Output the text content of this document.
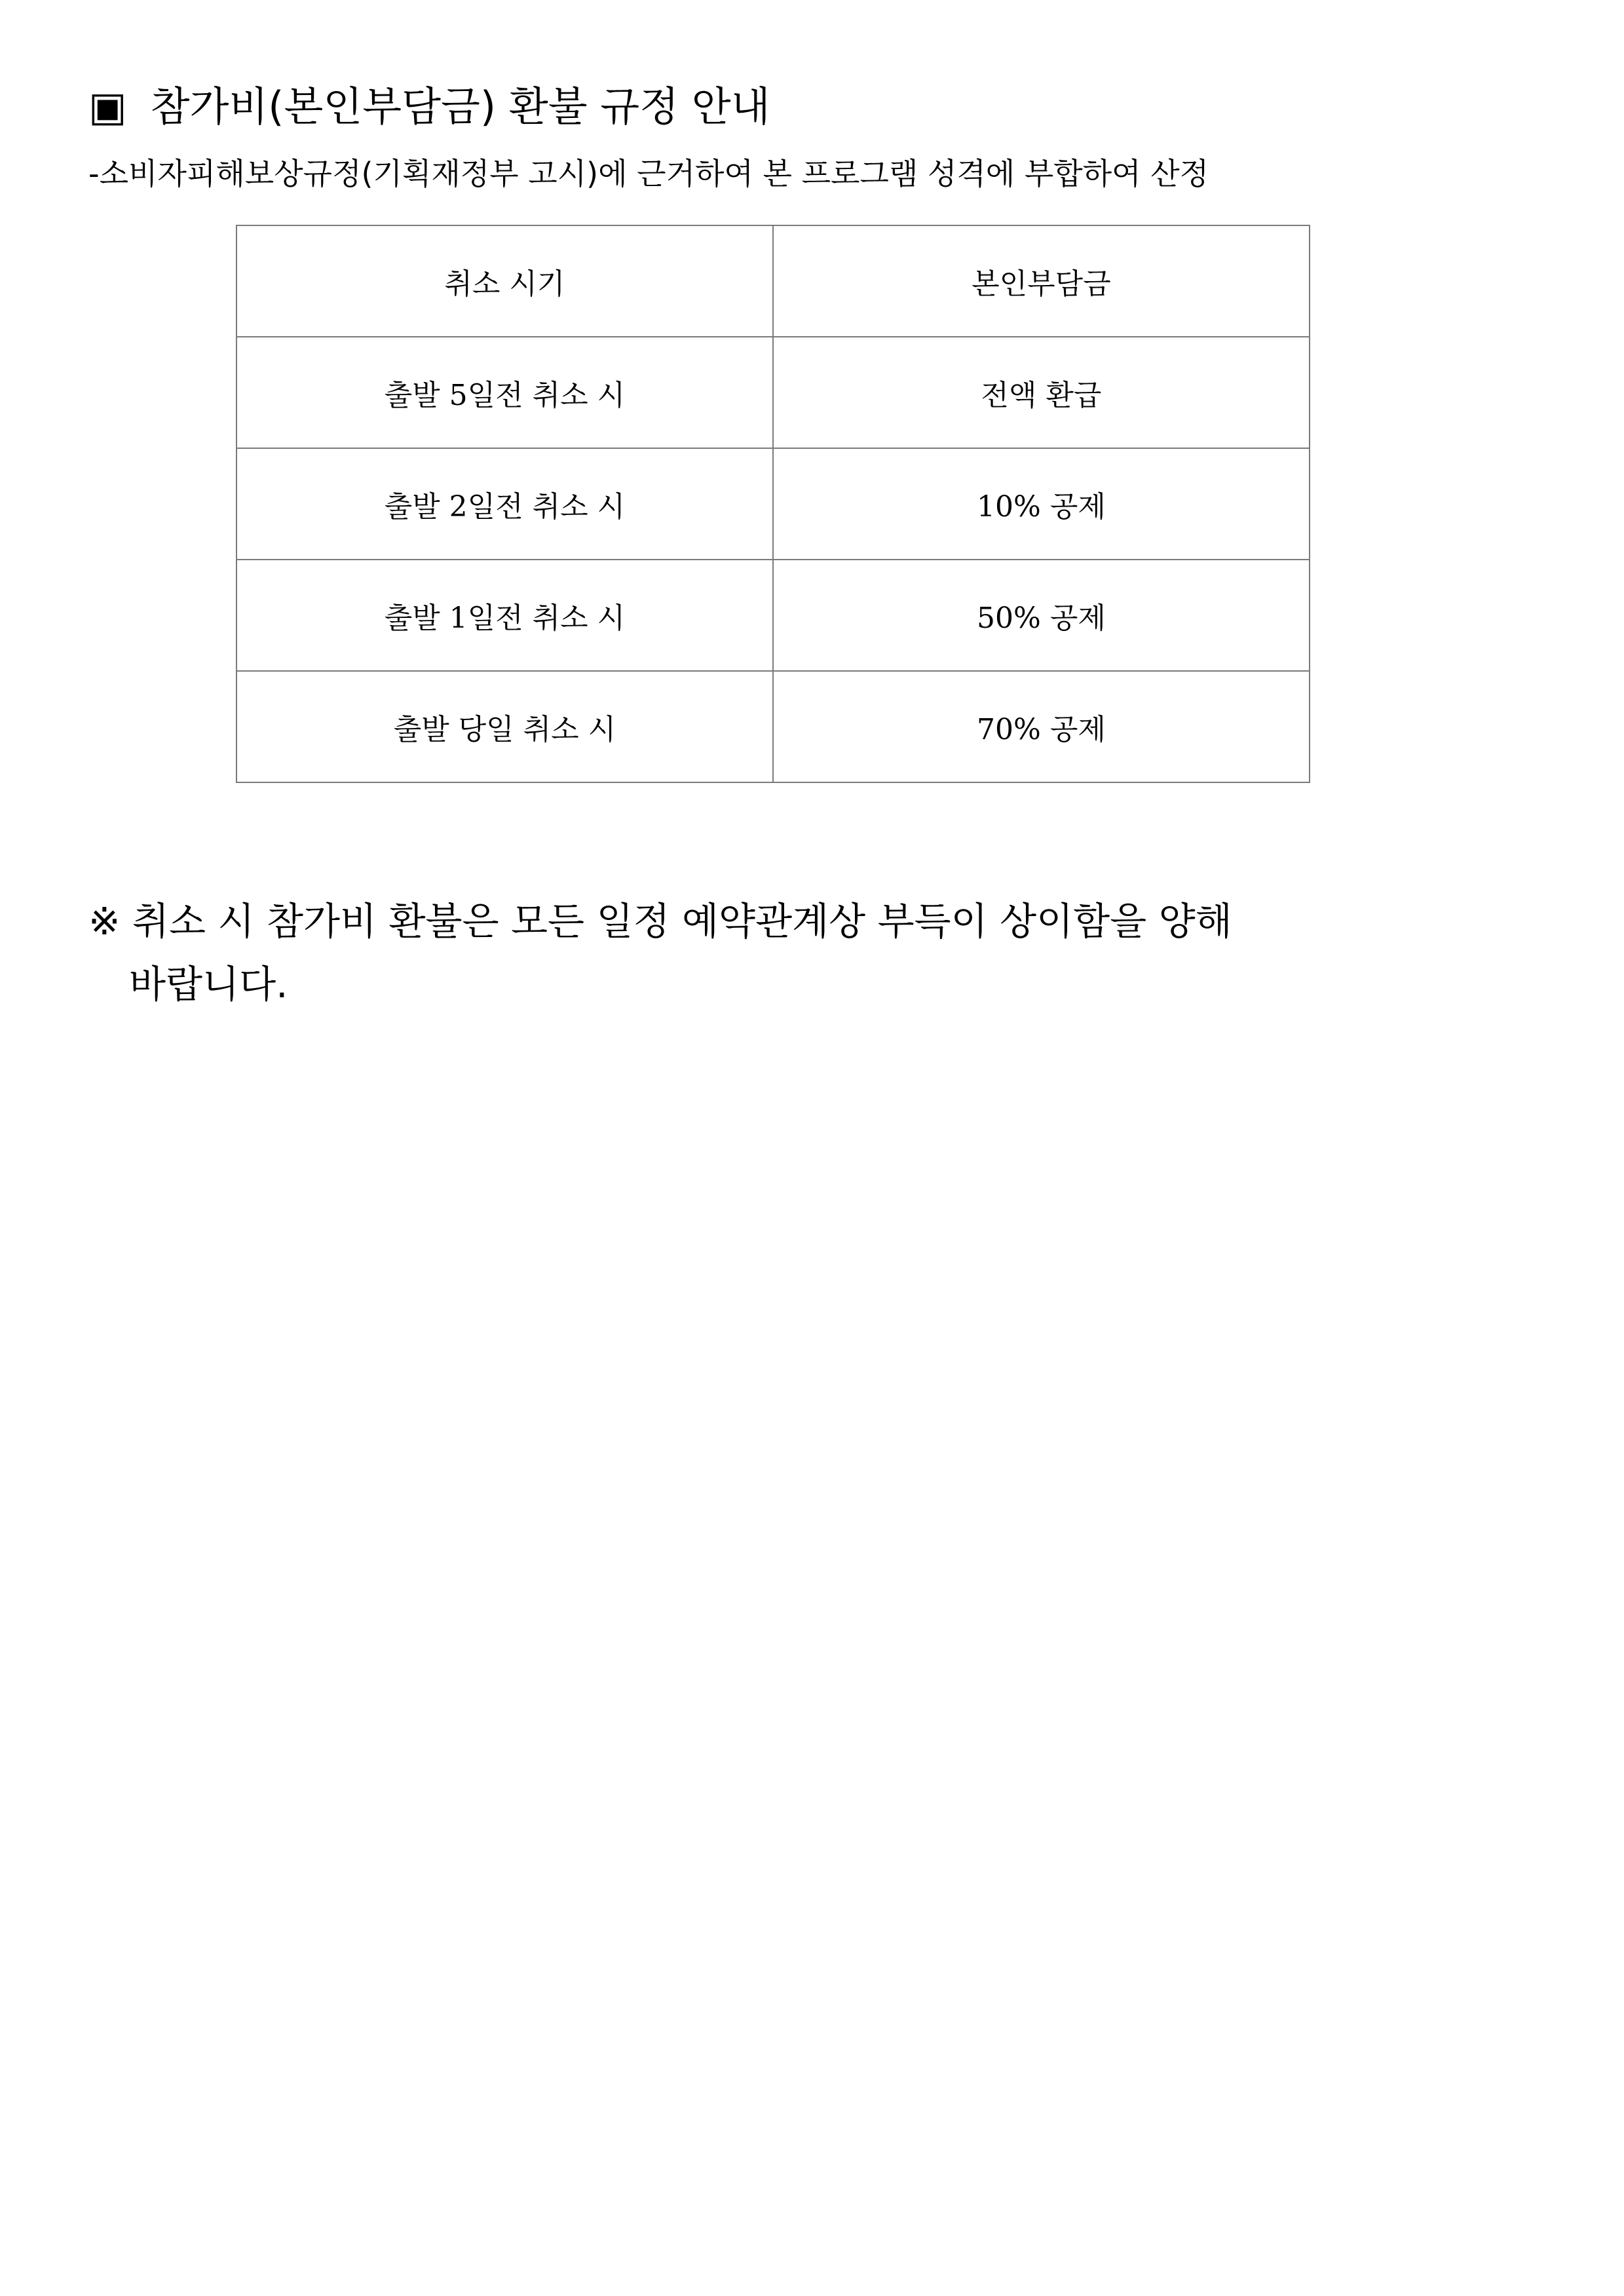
▣ 참가비(본인부담금) 환불 규정 안내
-소비자피해보상규정(기획재정부 고시)에 근거하여 본 프로그램 성격에 부합하여 산정
취소 시기	본인부담금
출발 5일전 취소 시	전액 환급
출발 2일전 취소 시	10% 공제
출발 1일전 취소 시	50% 공제
출발 당일 취소 시	70% 공제
※ 취소 시 참가비 환불은 모든 일정 예약관계상 부득이 상이함을 양해
바랍니다.
